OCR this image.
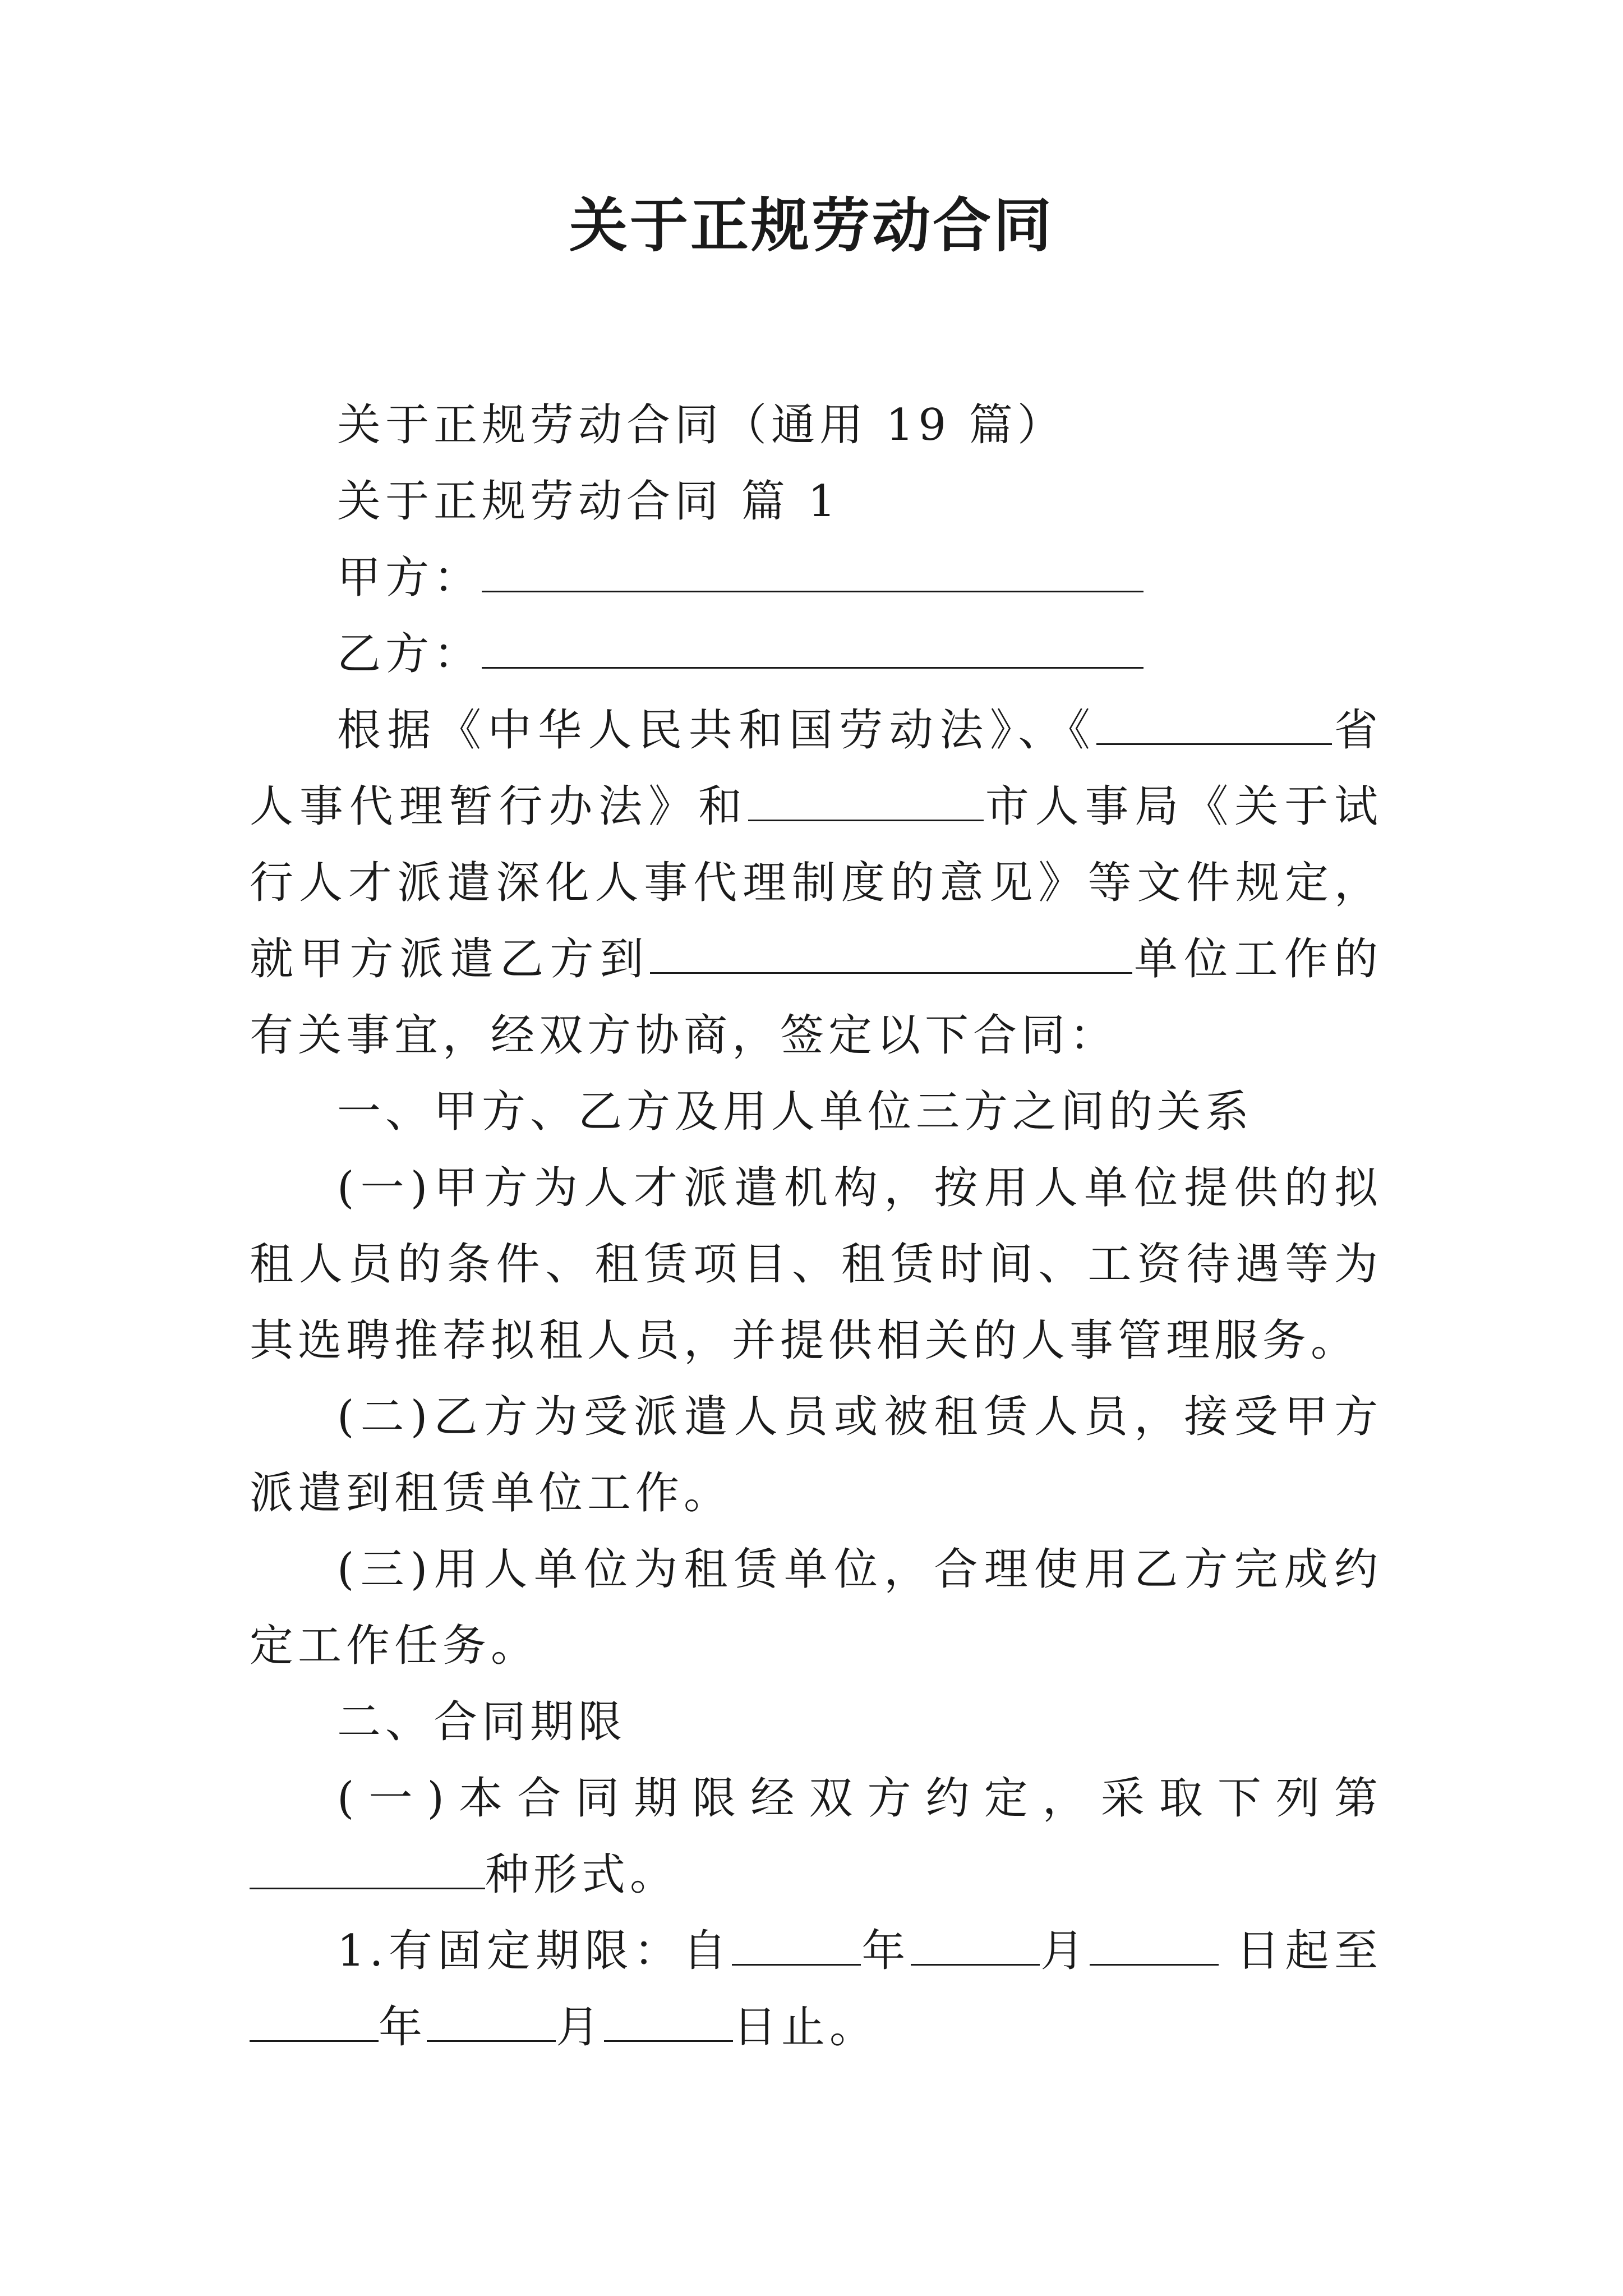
关于正规劳动合同

关于正规劳动合同（通用 19 篇）

关于正规劳动合同 篇 1

甲方：

乙方：

根据《中华人民共和国劳动法》、《	省人事代理暂行办法》和	市人事局《关于试行人才派遣深化人事代理制度的意见》等文件规定，就甲方派遣乙方到	单位工作的有关事宜，经双方协商，签定以下合同：

一、甲方、乙方及用人单位三方之间的关系

(一)甲方为人才派遣机构，按用人单位提供的拟租人员的条件、租赁项目、租赁时间、工资待遇等为其选聘推荐拟租人员，并提供相关的人事管理服务。

(二)乙方为受派遣人员或被租赁人员，接受甲方派遣到租赁单位工作。

(三)用人单位为租赁单位，合理使用乙方完成约定工作任务。

二、合同期限

(一)本合同期限经双方约定，采取下列第种形式。

1.有固定期限：自	年	月	日起至年	月	日止。
